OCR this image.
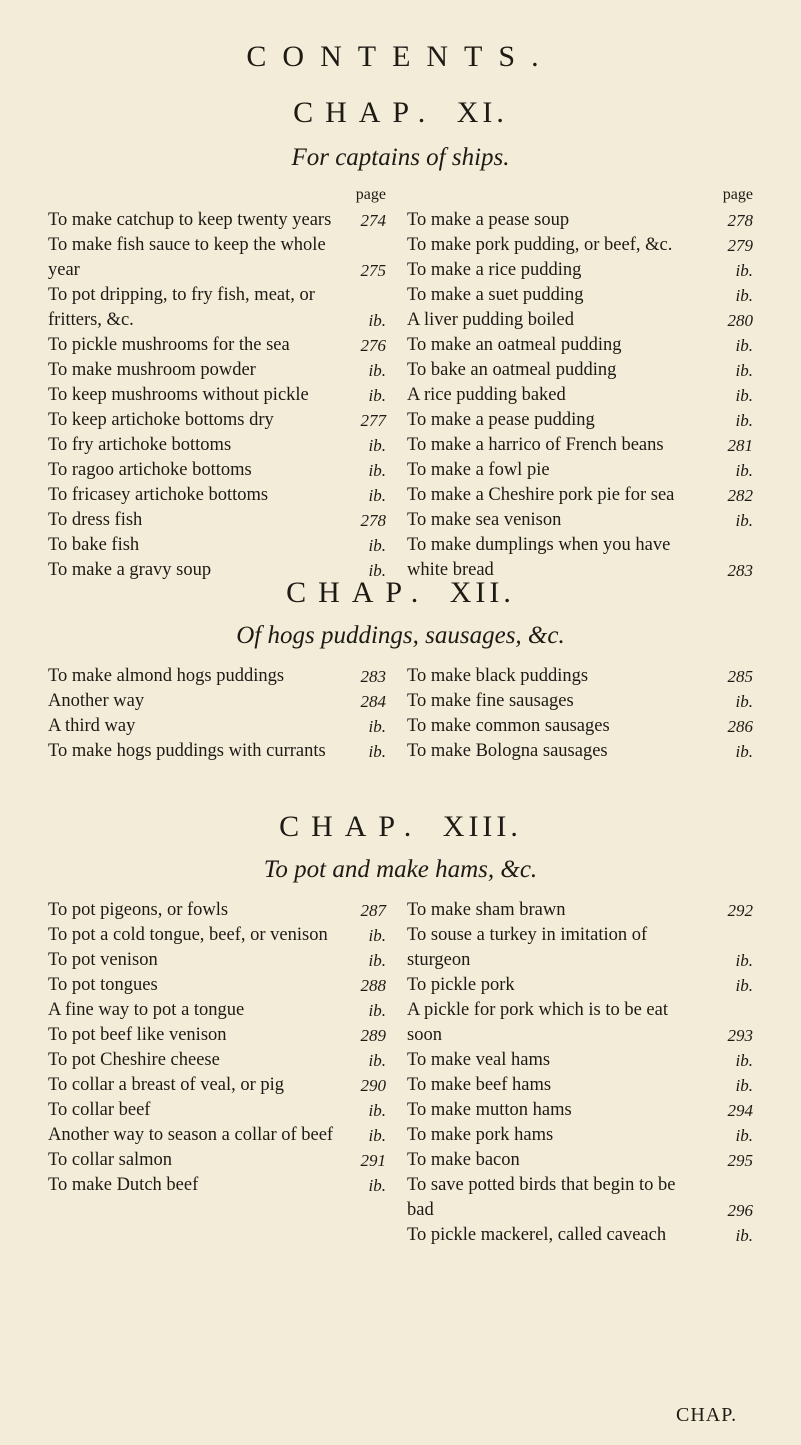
CONTENTS.
CHAP. XI.
For captains of ships.
page
To make catchup to keep twenty years 274
To make fish sauce to keep the whole year	275
To pot dripping, to fry fish, meat, or fritters, &c.	ib.
To pickle mushrooms for the sea	276
To make mushroom powder	ib.
To keep mushrooms without pickle	ib.
To keep artichoke bottoms dry	277
To fry artichoke bottoms	ib.
To ragoo artichoke bottoms	ib.
To fricasey artichoke bottoms	ib.
To dress fish	278
To bake fish	ib.
To make a gravy soup	ib.
page
To make a pease soup	278
To make pork pudding, or beef, &c.	279
To make a rice pudding	ib.
To make a suet pudding	ib.
A liver pudding boiled	280
To make an oatmeal pudding	ib.
To bake an oatmeal pudding	ib.
A rice pudding baked	ib.
To make a pease pudding	ib.
To make a harrico of French beans	281
To make a fowl pie	ib.
To make a Cheshire pork pie for sea	282
To make sea venison	ib.
To make dumplings when you have white bread	283
CHAP. XII.
Of hogs puddings, sausages, &c.
To make almond hogs puddings	283
Another way	284
A third way	ib.
To make hogs puddings with currants	ib.
To make black puddings	285
To make fine sausages	ib.
To make common sausages	286
To make Bologna sausages	ib.
CHAP. XIII.
To pot and make hams, &c.
To pot pigeons, or fowls	287
To pot a cold tongue, beef, or venison ib.
To pot venison	ib.
To pot tongues	288
A fine way to pot a tongue	ib.
To pot beef like venison	289
To pot Cheshire cheese	ib.
To collar a breast of veal, or pig	290
To collar beef	ib.
Another way to season a collar of beef ib.
To collar salmon	291
To make Dutch beef	ib.
To make sham brawn	292
To souse a turkey in imitation of sturgeon	ib.
To pickle pork	ib.
A pickle for pork which is to be eat soon	293
To make veal hams	ib.
To make beef hams	ib.
To make mutton hams	294
To make pork hams	ib.
To make bacon	295
To save potted birds that begin to be bad	296
To pickle mackerel, called caveach	ib.
CHAP.
